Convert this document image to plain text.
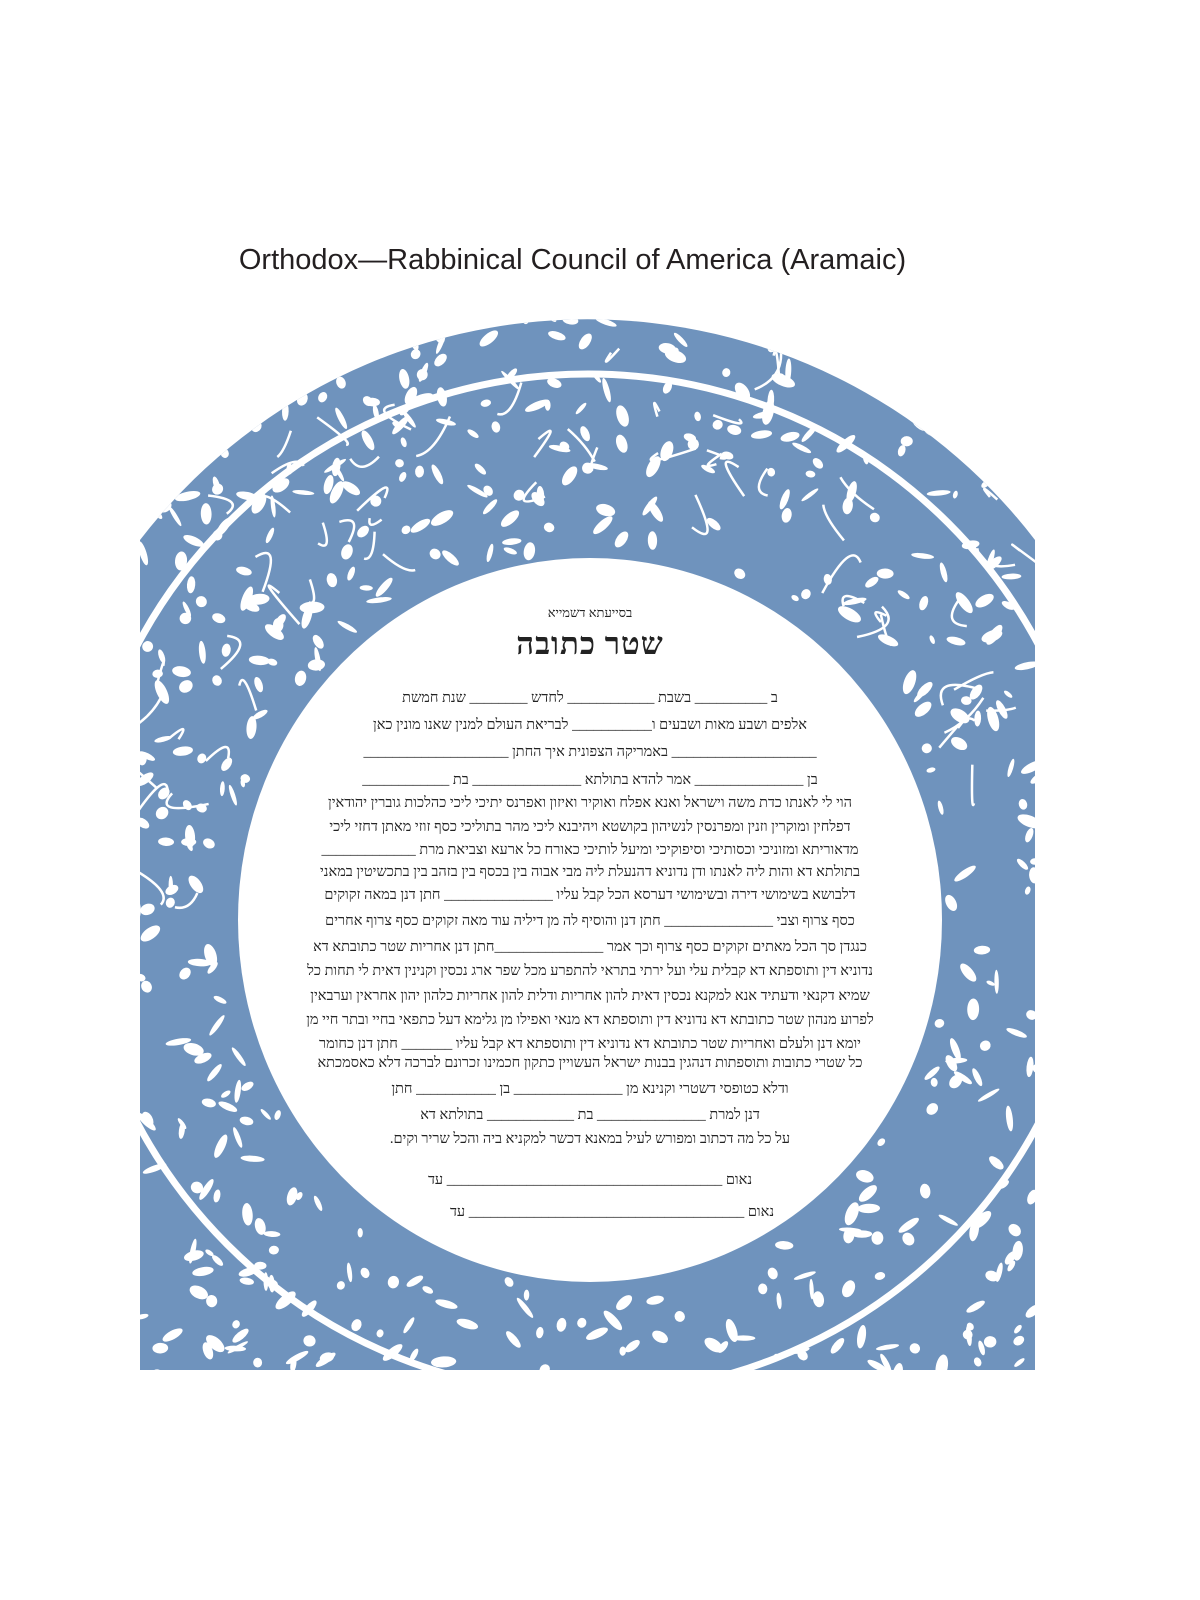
Orthodox—Rabbinical Council of America (Aramaic)
בסייעתא דשמייא
שטר כתובה
ב __________ בשבת ____________ לחדש ________ שנת חמשת
אלפים ושבע מאות ושבעים ו___________ לבריאת העולם למנין שאנו מונין כאן
____________________ באמריקה הצפונית איך החתן ____________________
בן _______________ אמר להדא בתולתא _______________ בת ____________
הוי לי לאנתו כדת משה וישראל ואנא אפלח ואוקיר ואיזון ואפרנס יתיכי ליכי כהלכות גוברין יהודאין
דפלחין ומוקרין וזנין ומפרנסין לנשיהון בקושטא ויהיבנא ליכי מהר בתוליכי כסף זוזי מאתן דחזי ליכי
מדאוריתא ומזוניכי וכסותיכי וסיפוקיכי ומיעל לותיכי כאורח כל ארעא וצביאת מרת _____________
בתולתא דא והות ליה לאנתו ודן נדוניא דהנעלת ליה מבי אבוה בין בכסף בין בזהב בין בתכשיטין במאני
דלבושא בשימושי דירה ובשימושי דערסא הכל קבל עליו _______________ חתן דנן במאה זקוקים
כסף צרוף וצבי _______________ חתן דנן והוסיף לה מן דיליה עוד מאה זקוקים כסף צרוף אחרים
כנגדן סך הכל מאתים זקוקים כסף צרוף וכך אמר _______________חתן דנן אחריות שטר כתובתא דא
נדוניא דין ותוספתא דא קבלית עלי ועל ירתי בתראי להתפרע מכל שפר ארג נכסין וקנינין דאית לי תחות כל
שמיא דקנאי ודעתיד אנא למקנא נכסין דאית להון אחריות ודלית להון אחריות כלהון יהון אחראין וערבאין
לפרוע מנהון שטר כתובתא דא נדוניא דין ותוספתא דא מנאי ואפילו מן גלימא דעל כתפאי בחיי ובתר חיי מן
יומא דנן ולעלם ואחריות שטר כתובתא דא נדוניא דין ותוספתא דא קבל עליו _______ חתן דנן כחומר
כל שטרי כתובות ותוספתות דנהגין בבנות ישראל העשויין כתקון חכמינו זכרונם לברכה דלא כאסמכתא
ודלא כטופסי דשטרי וקנינא מן _______________ בן ___________ חתן
דנן למרת _______________ בת ____________ בתולתא דא
על כל מה דכתוב ומפורש לעיל במאנא דכשר למקניא ביה והכל שריר וקים.
נאום ______________________________________ עד
נאום ______________________________________ עד
